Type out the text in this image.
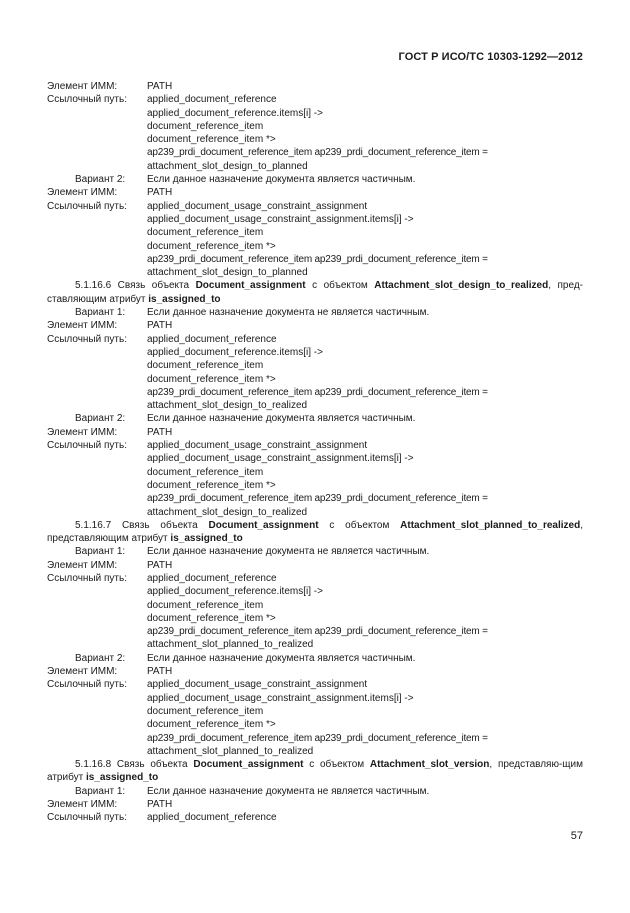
ГОСТ Р ИСО/ТС 10303-1292—2012
Элемент ИММ:	PATH
Ссылочный путь:	applied_document_reference
applied_document_reference.items[i] ->
document_reference_item
document_reference_item *>
ap239_prdi_document_reference_item ap239_prdi_document_reference_item =
attachment_slot_design_to_planned
Вариант 2:	Если данное назначение документа является частичным.
Элемент ИММ:	PATH
Ссылочный путь:	applied_document_usage_constraint_assignment
applied_document_usage_constraint_assignment.items[i] ->
document_reference_item
document_reference_item *>
ap239_prdi_document_reference_item ap239_prdi_document_reference_item =
attachment_slot_design_to_planned

5.1.16.6 Связь объекта Document_assignment с объектом Attachment_slot_design_to_realized, пред-ставляющим атрибут is_assigned_to

Вариант 1:	Если данное назначение документа не является частичным.
Элемент ИММ:	PATH
Ссылочный путь:	applied_document_reference
applied_document_reference.items[i] ->
document_reference_item
document_reference_item *>
ap239_prdi_document_reference_item ap239_prdi_document_reference_item =
attachment_slot_design_to_realized
Вариант 2:	Если данное назначение документа является частичным.
Элемент ИММ:	PATH
Ссылочный путь:	applied_document_usage_constraint_assignment
applied_document_usage_constraint_assignment.items[i] ->
document_reference_item
document_reference_item *>
ap239_prdi_document_reference_item ap239_prdi_document_reference_item =
attachment_slot_design_to_realized

5.1.16.7 Связь объекта Document_assignment с объектом Attachment_slot_planned_to_realized, представляющим атрибут is_assigned_to

Вариант 1:	Если данное назначение документа не является частичным.
Элемент ИММ:	PATH
Ссылочный путь:	applied_document_reference
applied_document_reference.items[i] ->
document_reference_item
document_reference_item *>
ap239_prdi_document_reference_item ap239_prdi_document_reference_item =
attachment_slot_planned_to_realized
Вариант 2:	Если данное назначение документа является частичным.
Элемент ИММ:	PATH
Ссылочный путь:	applied_document_usage_constraint_assignment
applied_document_usage_constraint_assignment.items[i] ->
document_reference_item
document_reference_item *>
ap239_prdi_document_reference_item ap239_prdi_document_reference_item =
attachment_slot_planned_to_realized

5.1.16.8 Связь объекта Document_assignment с объектом Attachment_slot_version, представляю-щим атрибут is_assigned_to

Вариант 1:	Если данное назначение документа не является частичным.
Элемент ИММ:	PATH
Ссылочный путь:	applied_document_reference
57
